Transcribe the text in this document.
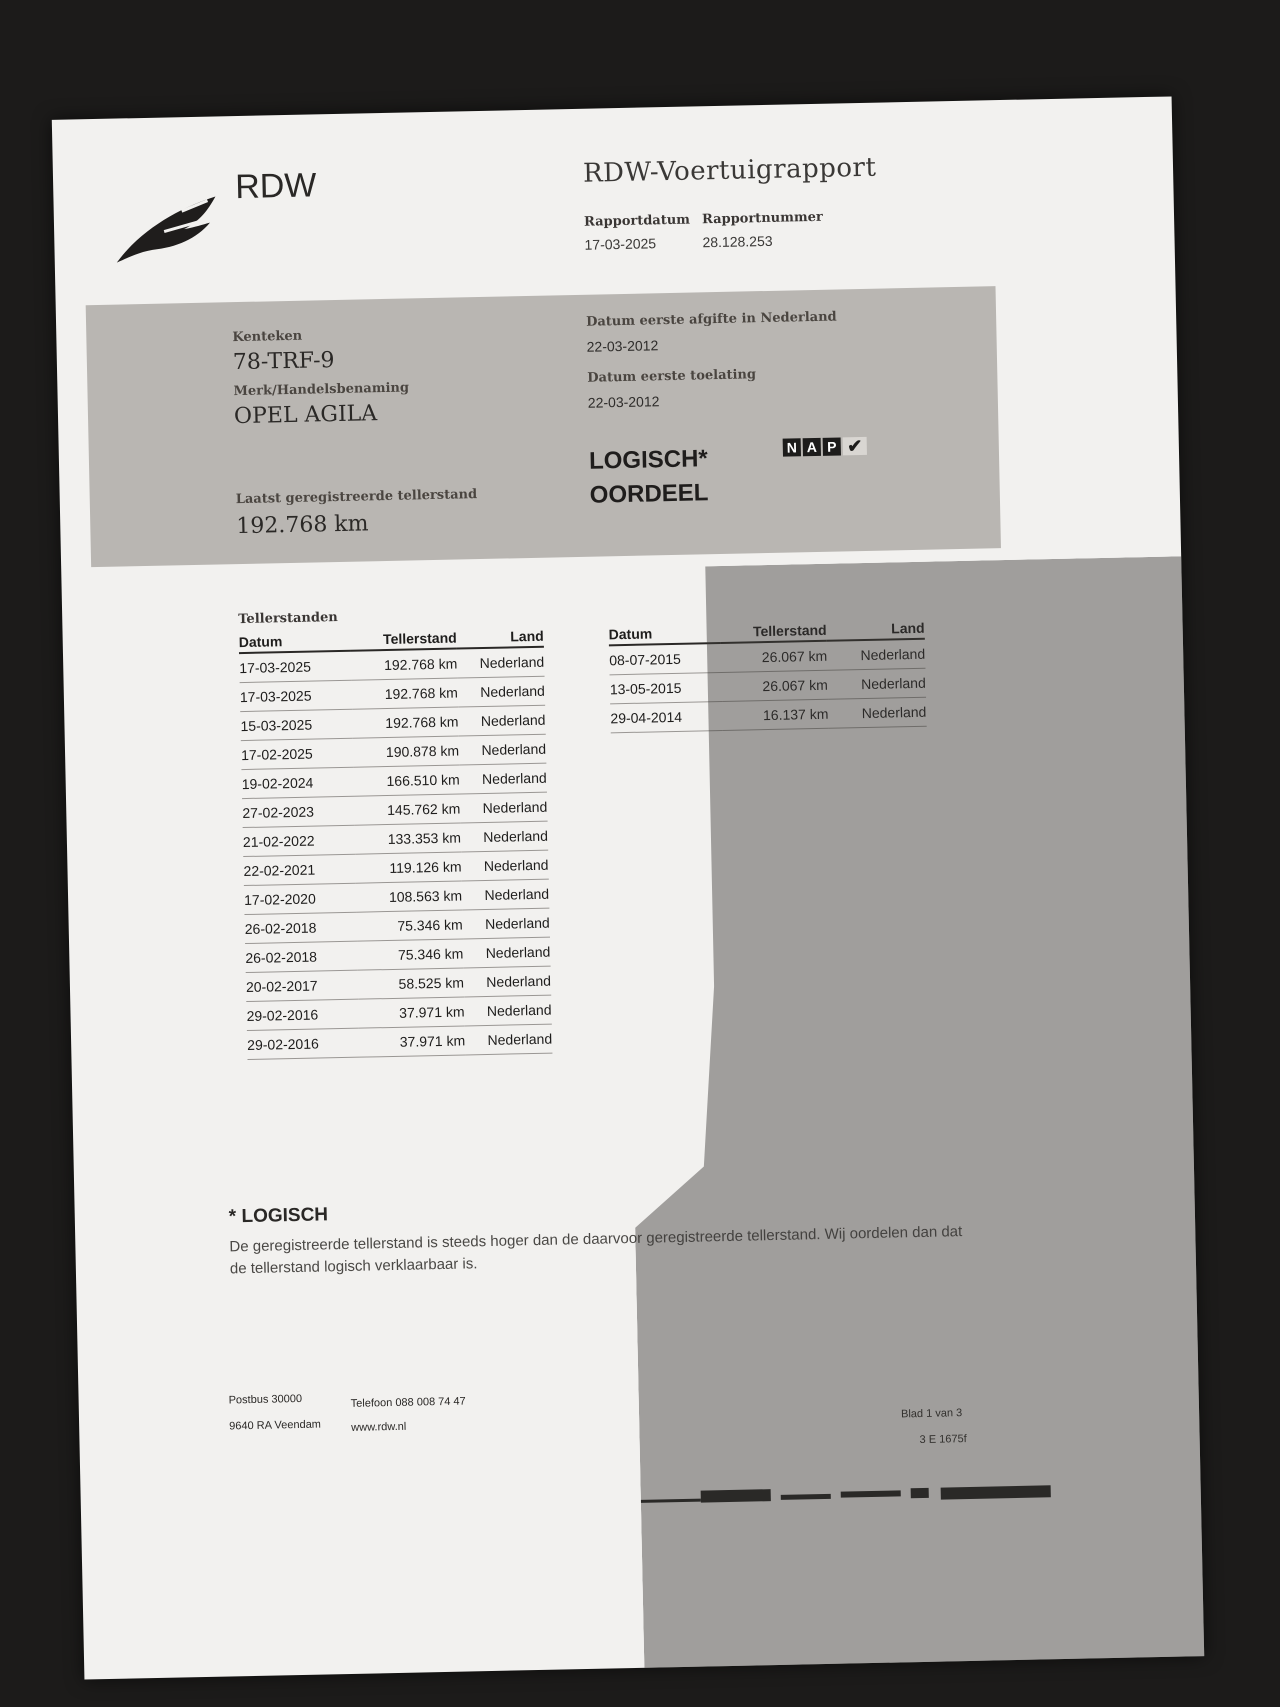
RDW	RDW-Voertuigrapport
Rapportdatum Rapportnummer
17-03-2025	28.128.253
Kenteken
78-TRF-9
Merk/Handelsbenaming
OPEL AGILA
Laatst geregistreerde tellerstand
192.768 km
Datum eerste afgifte in Nederland
22-03-2012
Datum eerste toelating
22-03-2012
LOGISCH*
OORDEEL
N A P ✔
Tellerstanden
Datum	Tellerstand	Land
17-03-2025	192.768 km	Nederland
17-03-2025	192.768 km	Nederland
15-03-2025	192.768 km	Nederland
17-02-2025	190.878 km	Nederland
19-02-2024	166.510 km	Nederland
27-02-2023	145.762 km	Nederland
21-02-2022	133.353 km	Nederland
22-02-2021	119.126 km	Nederland
17-02-2020	108.563 km	Nederland
26-02-2018	75.346 km	Nederland
26-02-2018	75.346 km	Nederland
20-02-2017	58.525 km	Nederland
29-02-2016	37.971 km	Nederland
29-02-2016	37.971 km	Nederland
Datum	Tellerstand	Land
08-07-2015	26.067 km	Nederland
13-05-2015	26.067 km	Nederland
29-04-2014	16.137 km	Nederland
* LOGISCH
De geregistreerde tellerstand is steeds hoger dan de daarvoor geregistreerde tellerstand. Wij oordelen dan dat de tellerstand logisch verklaarbaar is.
Postbus 30000
9640 RA Veendam
Telefoon 088 008 74 47
www.rdw.nl
Blad 1 van 3
3 E 1675f
